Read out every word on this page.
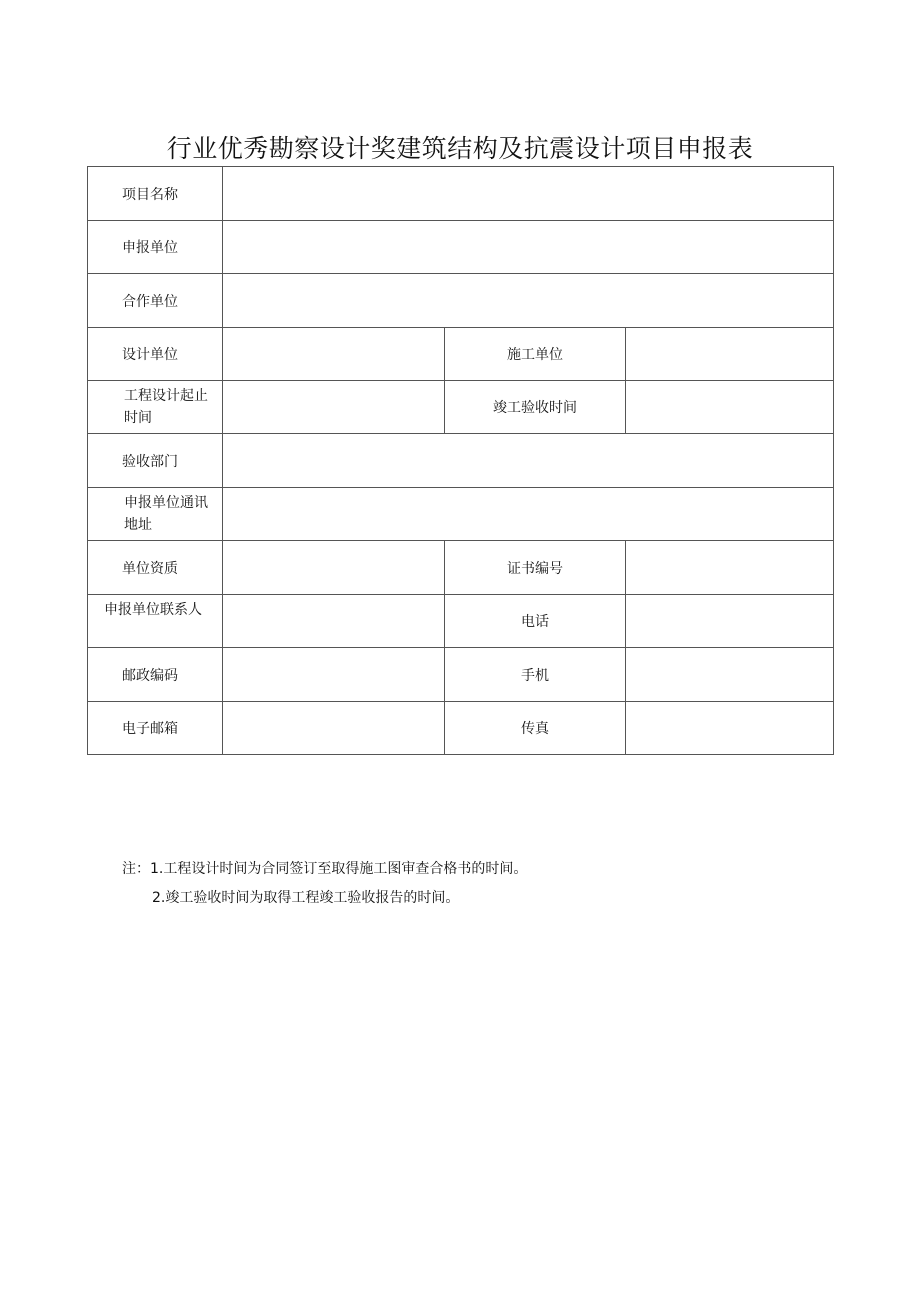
行业优秀勘察设计奖建筑结构及抗震设计项目申报表
项目名称			
申报单位			
合作单位			
设计单位		施工单位	
工程设计起止时间		竣工验收时间	
验收部门			
申报单位通讯地址			
单位资质		证书编号	
申报单位联系人		电话	
邮政编码		手机	
电子邮箱		传真	
注：1.工程设计时间为合同签订至取得施工图审查合格书的时间。
2.竣工验收时间为取得工程竣工验收报告的时间。
